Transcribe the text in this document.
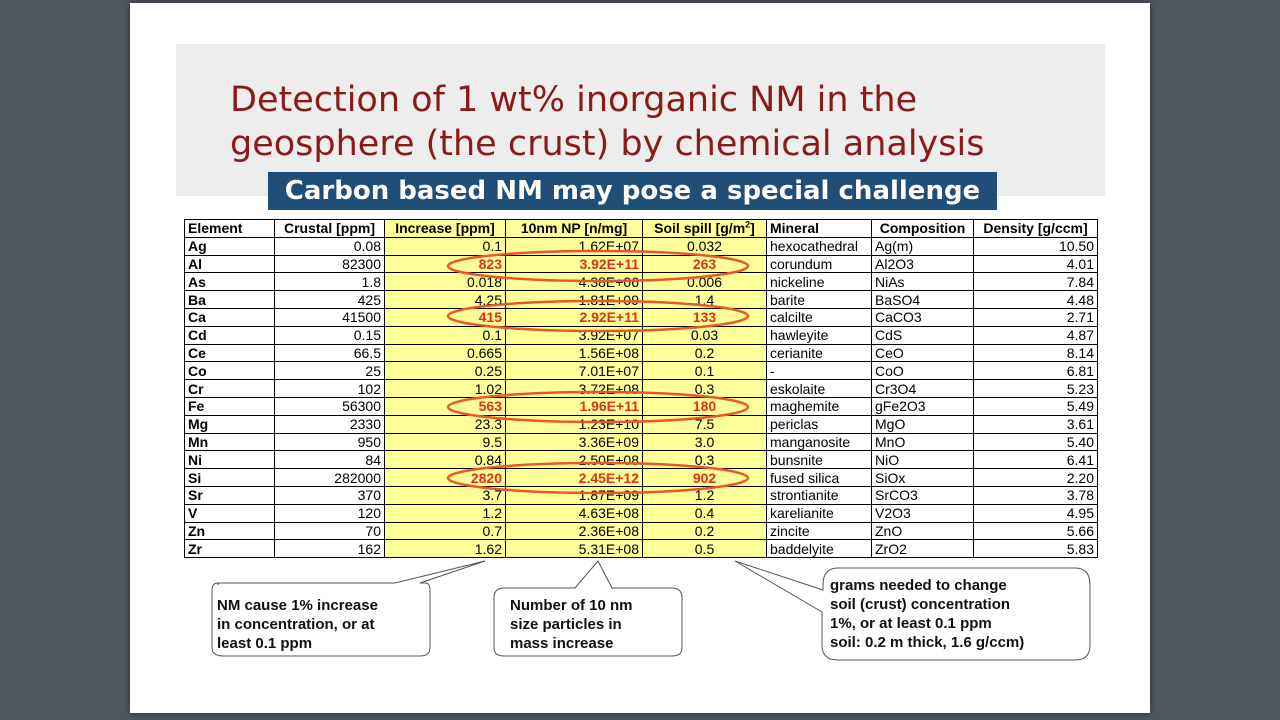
Detection of 1 wt% inorganic NM in the
geosphere (the crust) by chemical analysis
Carbon based NM may pose a special challenge
Element	Crustal [ppm]	Increase [ppm]	10nm NP [n/mg]	Soil spill $[g/m^2]$	Mineral	Composition	Density [g/ccm]
Ag	0.08	0.1	1.62E+07	0.032	hexocathedral	Ag(m)	10.50
Al	82300	823	3.92E+11	263	corundum	Al2O3	4.01
As	1.8	0.018	4.38E+06	0.006	nickeline	NiAs	7.84
Ba	425	4.25	1.81E+09	1.4	barite	BaSO4	4.48
Ca	41500	415	2.92E+11	133	calcilte	CaCO3	2.71
Cd	0.15	0.1	3.92E+07	0.03	hawleyite	CdS	4.87
Ce	66.5	0.665	1.56E+08	0.2	cerianite	CeO	8.14
Co	25	0.25	7.01E+07	0.1	-	CoO	6.81
Cr	102	1.02	3.72E+08	0.3	eskolaite	Cr3O4	5.23
Fe	56300	563	1.96E+11	180	maghemite	gFe2O3	5.49
Mg	2330	23.3	1.23E+10	7.5	periclas	MgO	3.61
Mn	950	9.5	3.36E+09	3.0	manganosite	MnO	5.40
Ni	84	0.84	2.50E+08	0.3	bunsnite	NiO	6.41
Si	282000	2820	2.45E+12	902	fused silica	SiOx	2.20
Sr	370	3.7	1.87E+09	1.2	strontianite	SrCO3	3.78
V	120	1.2	4.63E+08	0.4	karelianite	V2O3	4.95
Zn	70	0.7	2.36E+08	0.2	zincite	ZnO	5.66
Zr	162	1.62	5.31E+08	0.5	baddelyite	ZrO2	5.83
NM cause 1% increase
in concentration, or at
least 0.1 ppm
Number of 10 nm
size particles in
mass increase
grams needed to change
soil (crust) concentration
1%, or at least 0.1 ppm
soil: 0.2 m thick, 1.6 g/ccm)
